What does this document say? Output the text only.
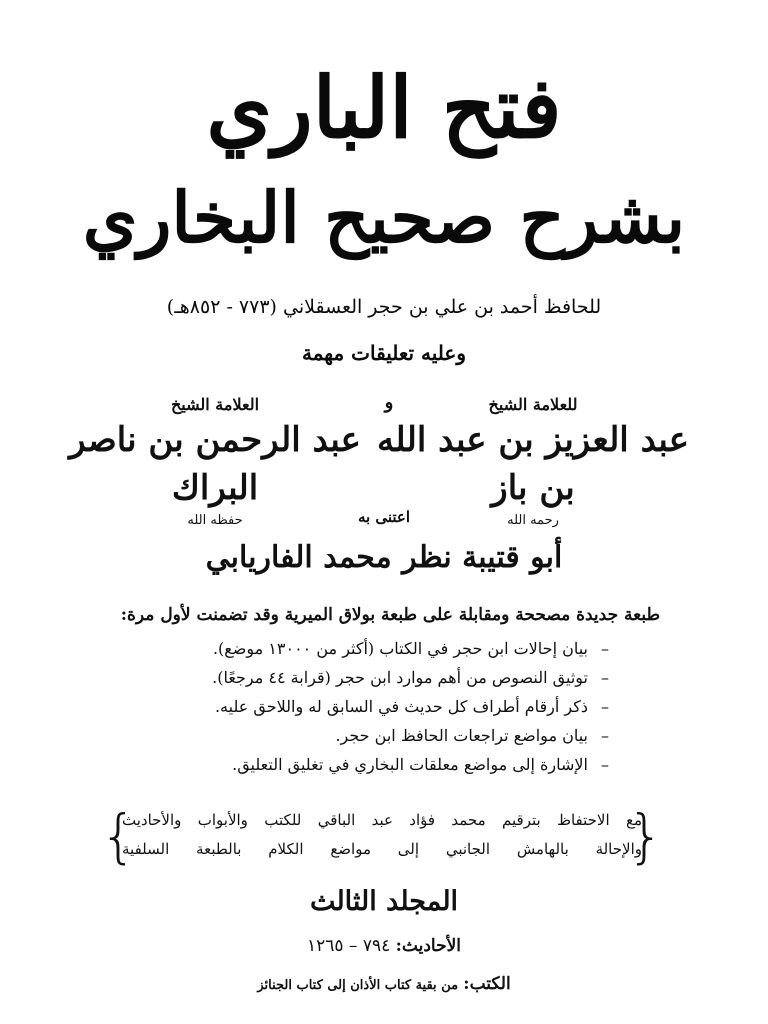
فتح الباري
بشرح صحيح البخاري
للحافظ أحمد بن علي بن حجر العسقلاني (٧٧٣ - ٨٥٢هـ)
وعليه تعليقات مهمة
للعلامة الشيخ
عبد العزيز بن عبد الله بن باز
رحمه الله
و
العلامة الشيخ
عبد الرحمن بن ناصر البراك
حفظه الله	اعتنى به
أبو قتيبة نظر محمد الفاريابي
طبعة جديدة مصححة ومقابلة على طبعة بولاق الميرية وقد تضمنت لأول مرة:
–بيان إحالات ابن حجر في الكتاب (أكثر من ١٣٠٠٠ موضع).
–توثيق النصوص من أهم موارد ابن حجر (قرابة ٤٤ مرجعًا).
–ذكر أرقام أطراف كل حديث في السابق له واللاحق عليه.
–بيان مواضع تراجعات الحافظ ابن حجر.
–الإشارة إلى مواضع معلقات البخاري في تغليق التعليق.
{
مع الاحتفاظ بترقيم محمد فؤاد عبد الباقي للكتب والأبواب والأحاديث
والإحالة بالهامش الجانبي إلى مواضع الكلام بالطبعة السلفية
}
المجلد الثالث
الأحاديث: ٧٩٤ – ١٢٦٥
الكتب: من بقية كتاب الأذان إلى كتاب الجنائز
